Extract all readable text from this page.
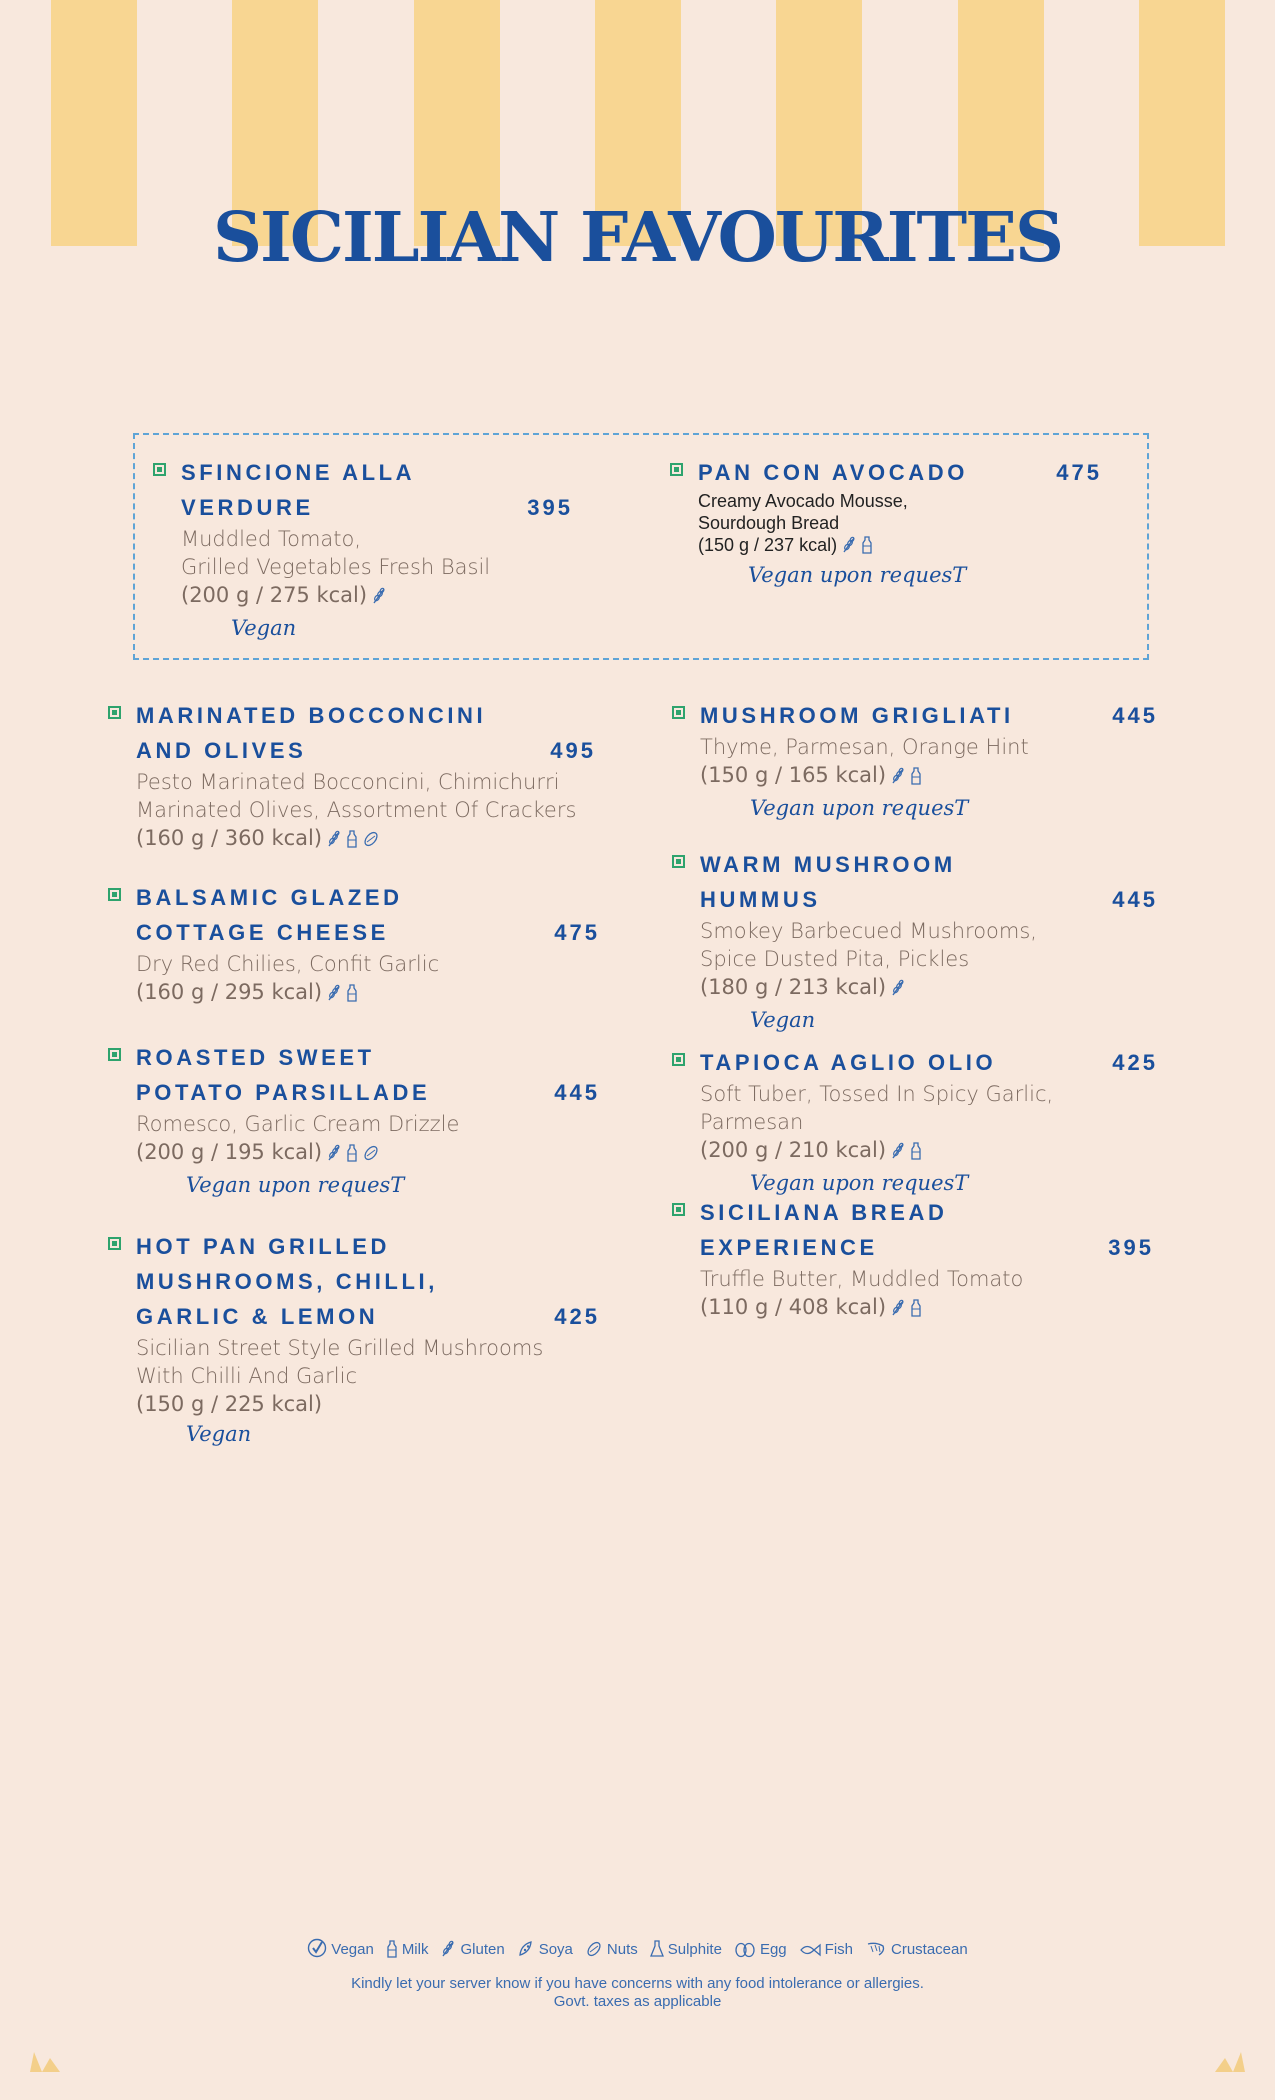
SICILIAN FAVOURITES
SFINCIONE ALLA
VERDURE	395
Muddled Tomato,
Grilled Vegetables Fresh Basil
(200 g / 275 kcal)
Vegan
PAN CON AVOCADO	475
Creamy Avocado Mousse,
Sourdough Bread
(150 g / 237 kcal)
Vegan upon requesT
MARINATED BOCCONCINI
AND OLIVES	495
Pesto Marinated Bocconcini, Chimichurri
Marinated Olives, Assortment Of Crackers
(160 g / 360 kcal)
BALSAMIC GLAZED
COTTAGE CHEESE	475
Dry Red Chilies, Confit Garlic
(160 g / 295 kcal)
ROASTED SWEET
POTATO PARSILLADE	445
Romesco, Garlic Cream Drizzle
(200 g / 195 kcal)
Vegan upon requesT
HOT PAN GRILLED
MUSHROOMS, CHILLI,
GARLIC & LEMON	425
Sicilian Street Style Grilled Mushrooms
With Chilli And Garlic
(150 g / 225 kcal)
Vegan
MUSHROOM GRIGLIATI	445
Thyme, Parmesan, Orange Hint
(150 g / 165 kcal)
Vegan upon requesT
WARM MUSHROOM
HUMMUS	445
Smokey Barbecued Mushrooms,
Spice Dusted Pita, Pickles
(180 g / 213 kcal)
Vegan
TAPIOCA AGLIO OLIO	425
Soft Tuber, Tossed In Spicy Garlic, Parmesan
(200 g / 210 kcal)
Vegan upon requesT
SICILIANA BREAD
EXPERIENCE	395
Truffle Butter, Muddled Tomato
(110 g / 408 kcal)
Vegan Milk Gluten Soya Nuts Sulphite	Egg	Fish	Crustacean
Kindly let your server know if you have concerns with any food intolerance or allergies.
Govt. taxes as applicable
